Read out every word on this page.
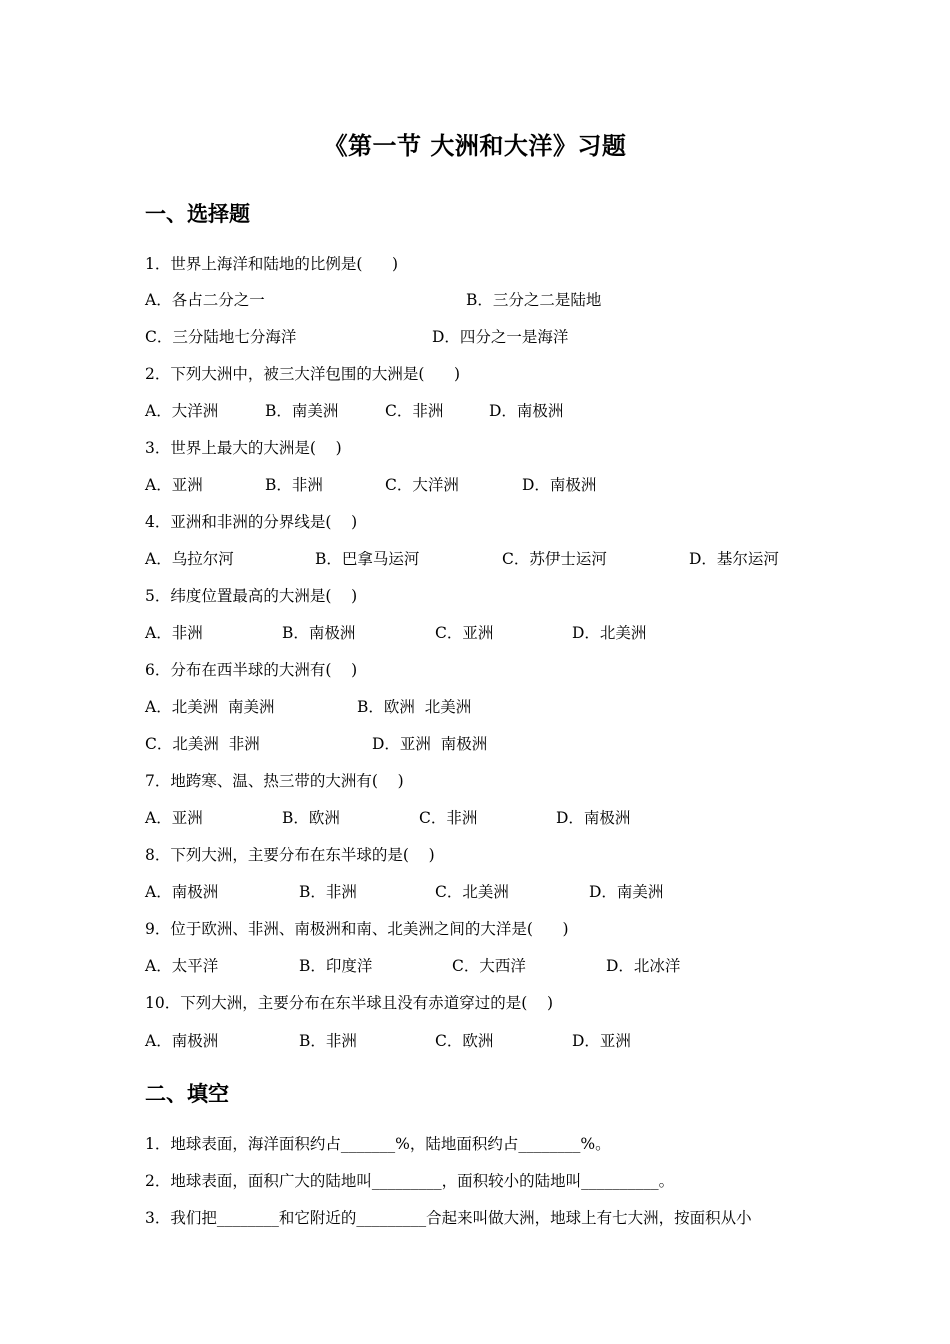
《第一节 大洲和大洋》习题
一、选择题
1．世界上海洋和陆地的比例是(      )
A．各占二分之一	B．三分之二是陆地
C．三分陆地七分海洋	D．四分之一是海洋
2．下列大洲中，被三大洋包围的大洲是(      )
A．大洋洲	B．南美洲	C．非洲	D．南极洲
3．世界上最大的大洲是(    )
A．亚洲	B．非洲	C．大洋洲	D．南极洲
4．亚洲和非洲的分界线是(    )
A．乌拉尔河	B．巴拿马运河	C．苏伊士运河	D．基尔运河
5．纬度位置最高的大洲是(    )
A．非洲	B．南极洲	C．亚洲	D．北美洲
6．分布在西半球的大洲有(    )
A．北美洲  南美洲	B．欧洲  北美洲
C．北美洲  非洲	D．亚洲  南极洲
7．地跨寒、温、热三带的大洲有(    )
A．亚洲	B．欧洲	C．非洲	D．南极洲
8．下列大洲，主要分布在东半球的是(    )
A．南极洲	B．非洲	C．北美洲	D．南美洲
9．位于欧洲、非洲、南极洲和南、北美洲之间的大洋是(      )
A．太平洋	B．印度洋	C．大西洋	D．北冰洋
10．下列大洲，主要分布在东半球且没有赤道穿过的是(    )
A．南极洲	B．非洲	C．欧洲	D．亚洲
二、填空
1．地球表面，海洋面积约占_______%，陆地面积约占________%。
2．地球表面，面积广大的陆地叫_________，面积较小的陆地叫__________。
3．我们把________和它附近的_________合起来叫做大洲，地球上有七大洲，按面积从小
